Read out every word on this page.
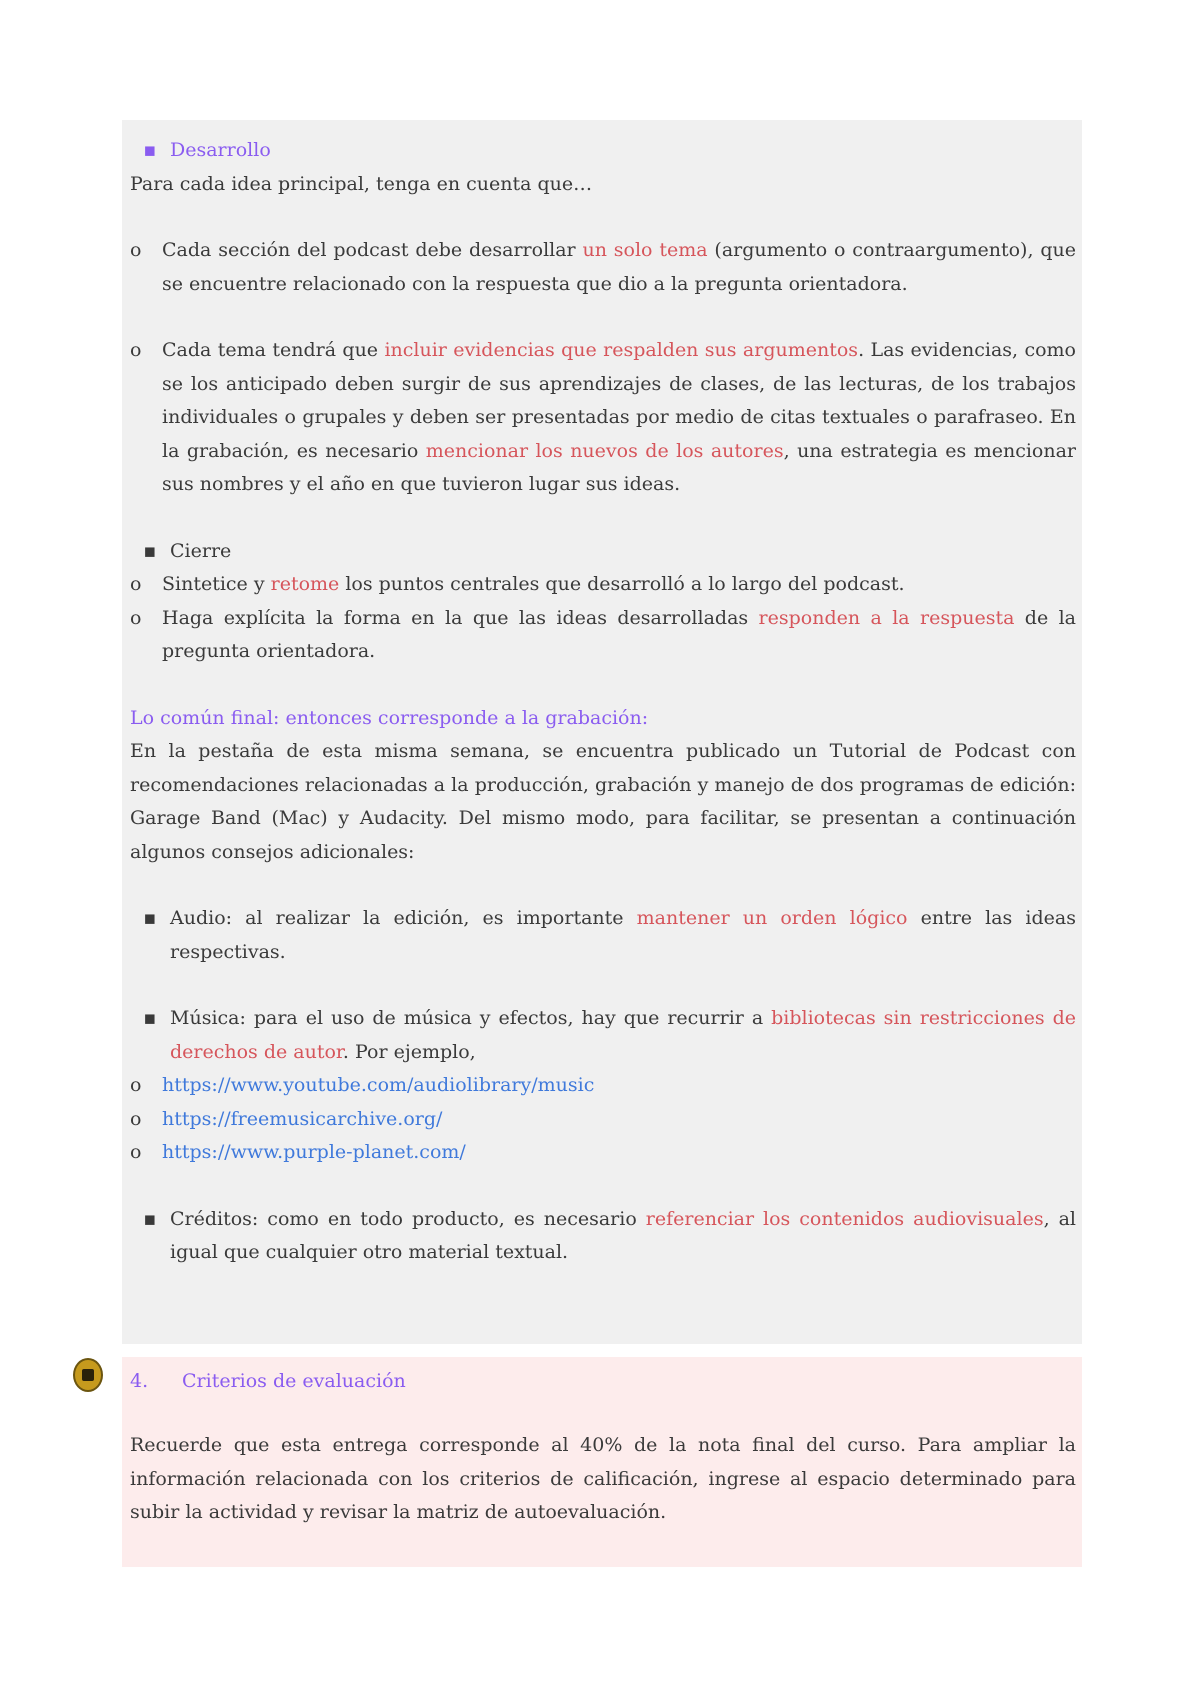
▪ Desarrollo

Para cada idea principal, tenga en cuenta que…

o	Cada sección del podcast debe desarrollar un solo tema (argumento o contraargumento), que se encuentre relacionado con la respuesta que dio a la pregunta orientadora.
o	Cada tema tendrá que incluir evidencias que respalden sus argumentos. Las evidencias, como se los anticipado deben surgir de sus aprendizajes de clases, de las lecturas, de los trabajos individuales o grupales y deben ser presentadas por medio de citas textuales o parafraseo. En la grabación, es necesario mencionar los nuevos de los autores, una estrategia es mencionar sus nombres y el año en que tuvieron lugar sus ideas.
▪ Cierre
o	Sintetice y retome los puntos centrales que desarrolló a lo largo del podcast.
o	Haga explícita la forma en la que las ideas desarrolladas responden a la respuesta de la pregunta orientadora.

Lo común final: entonces corresponde a la grabación:

En la pestaña de esta misma semana, se encuentra publicado un Tutorial de Podcast con recomendaciones relacionadas a la producción, grabación y manejo de dos programas de edición: Garage Band (Mac) y Audacity. Del mismo modo, para facilitar, se presentan a continuación algunos consejos adicionales:

▪ Audio: al realizar la edición, es importante mantener un orden lógico entre las ideas respectivas.
▪ Música: para el uso de música y efectos, hay que recurrir a bibliotecas sin restricciones de derechos de autor. Por ejemplo,
o	https://www.youtube.com/audiolibrary/music
o	https://freemusicarchive.org/
o	https://www.purple-planet.com/
▪ Créditos: como en todo producto, es necesario referenciar los contenidos audiovisuales, al igual que cualquier otro material textual.
4.	Criterios de evaluación

Recuerde que esta entrega corresponde al 40% de la nota final del curso. Para ampliar la información relacionada con los criterios de calificación, ingrese al espacio determinado para subir la actividad y revisar la matriz de autoevaluación.
